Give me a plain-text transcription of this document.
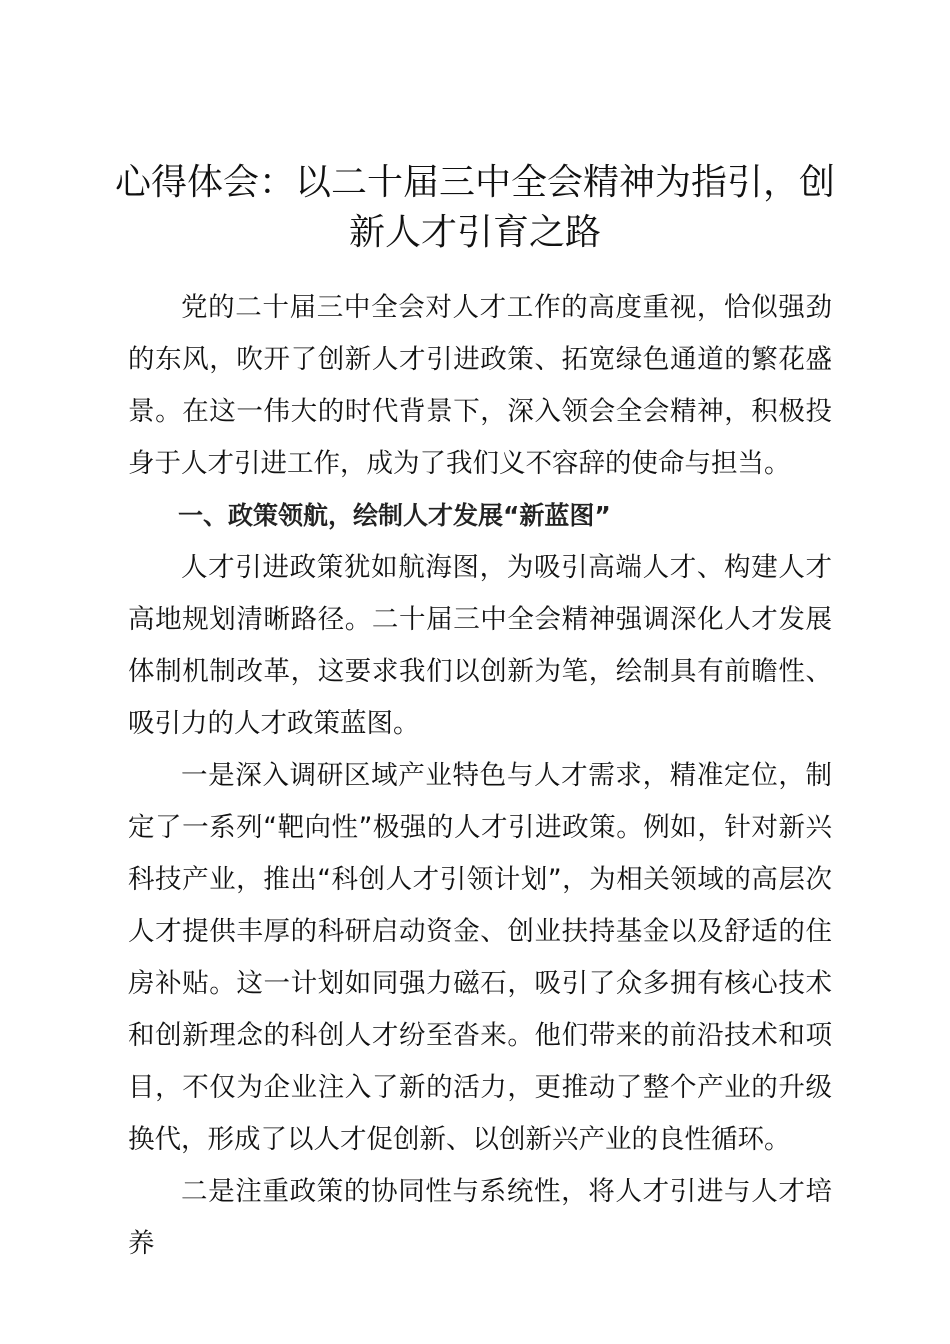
心得体会：以二十届三中全会精神为指引，创
新人才引育之路

党的二十届三中全会对人才工作的高度重视，恰似强劲的东风，吹开了创新人才引进政策、拓宽绿色通道的繁花盛景。在这一伟大的时代背景下，深入领会全会精神，积极投身于人才引进工作，成为了我们义不容辞的使命与担当。

一、政策领航，绘制人才发展“新蓝图”

人才引进政策犹如航海图，为吸引高端人才、构建人才高地规划清晰路径。二十届三中全会精神强调深化人才发展体制机制改革，这要求我们以创新为笔，绘制具有前瞻性、吸引力的人才政策蓝图。

一是深入调研区域产业特色与人才需求，精准定位，制定了一系列“靶向性”极强的人才引进政策。例如，针对新兴科技产业，推出“科创人才引领计划”，为相关领域的高层次人才提供丰厚的科研启动资金、创业扶持基金以及舒适的住房补贴。这一计划如同强力磁石，吸引了众多拥有核心技术和创新理念的科创人才纷至沓来。他们带来的前沿技术和项目，不仅为企业注入了新的活力，更推动了整个产业的升级换代，形成了以人才促创新、以创新兴产业的良性循环。

二是注重政策的协同性与系统性，将人才引进与人才培养
